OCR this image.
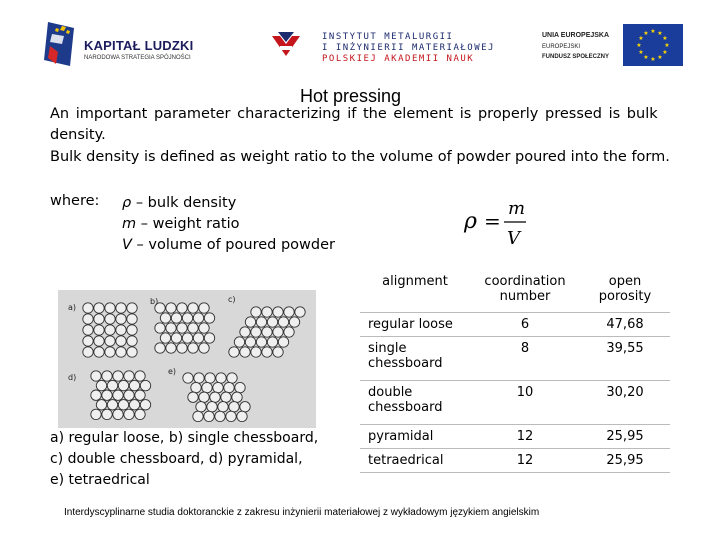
KAPITAŁ LUDZKI
NARODOWA STRATEGIA SPÓJNOŚCI
INSTYTUT METALURGII
I INŻYNIERII MATERIAŁOWEJ
POLSKIEJ AKADEMII NAUK
UNIA EUROPEJSKA
EUROPEJSKI
FUNDUSZ SPOŁECZNY
★ ★
★
★
★
★
★
★
★
★
★
★
Hot pressing
An important parameter characterizing if the element is properly pressed is bulk
density.
Bulk density is defined as weight ratio to the volume of powder poured into the form.
where: ρ – bulk density
m – weight ratio
V – volume of poured powder
ρ =
m
V
a)
b)	c)
d)
e)
a) regular loose, b) single chessboard,
c) double chessboard, d) pyramidal,
e) tetraedrical
alignment	coordination number	open porosity
regular loose	6	47,68
single chessboard	8	39,55
double chessboard	10	30,20
pyramidal	12	25,95
tetraedrical	12	25,95
Interdyscyplinarne studia doktoranckie z zakresu inżynierii materiałowej z wykładowym językiem angielskim
